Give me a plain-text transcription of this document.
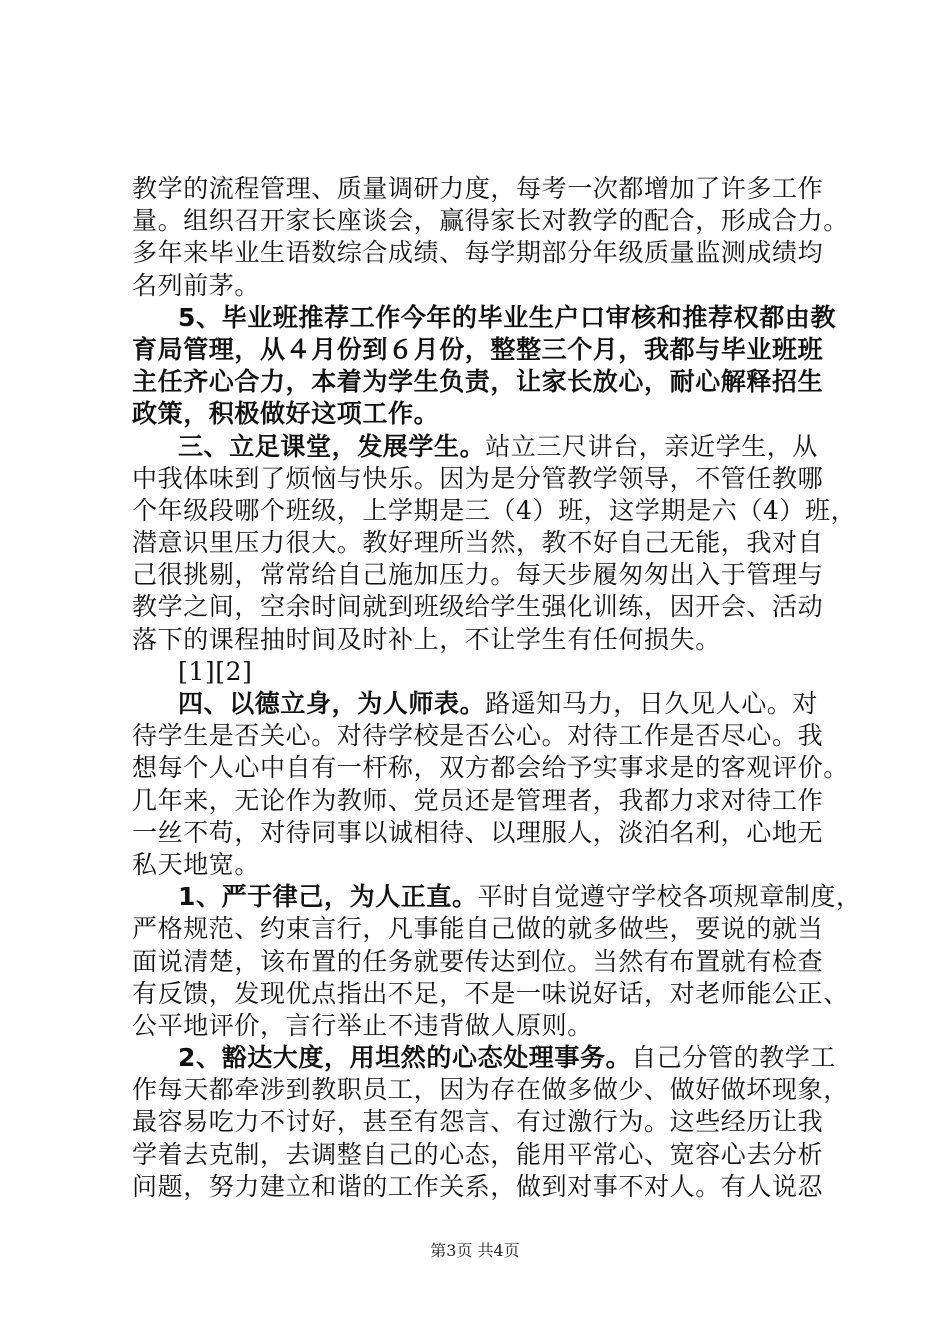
教学的流程管理、质量调研力度，每考一次都增加了许多工作
量。组织召开家长座谈会，赢得家长对教学的配合，形成合力。
多年来毕业生语数综合成绩、每学期部分年级质量监测成绩均
名列前茅。
5、毕业班推荐工作今年的毕业生户口审核和推荐权都由教
育局管理，从４月份到６月份，整整三个月，我都与毕业班班
主任齐心合力，本着为学生负责，让家长放心，耐心解释招生
政策，积极做好这项工作。
三、立足课堂，发展学生。站立三尺讲台，亲近学生，从
中我体味到了烦恼与快乐。因为是分管教学领导，不管任教哪
个年级段哪个班级，上学期是三（4）班，这学期是六（4）班，
潜意识里压力很大。教好理所当然，教不好自己无能，我对自
己很挑剔，常常给自己施加压力。每天步履匆匆出入于管理与
教学之间，空余时间就到班级给学生强化训练，因开会、活动
落下的课程抽时间及时补上，不让学生有任何损失。
[1][2]
四、以德立身，为人师表。路遥知马力，日久见人心。对
待学生是否关心。对待学校是否公心。对待工作是否尽心。我
想每个人心中自有一杆称，双方都会给予实事求是的客观评价。
几年来，无论作为教师、党员还是管理者，我都力求对待工作
一丝不苟，对待同事以诚相待、以理服人，淡泊名利，心地无
私天地宽。
1、严于律己，为人正直。平时自觉遵守学校各项规章制度，
严格规范、约束言行，凡事能自己做的就多做些，要说的就当
面说清楚，该布置的任务就要传达到位。当然有布置就有检查
有反馈，发现优点指出不足，不是一味说好话，对老师能公正、
公平地评价，言行举止不违背做人原则。
2、豁达大度，用坦然的心态处理事务。自己分管的教学工
作每天都牵涉到教职员工，因为存在做多做少、做好做坏现象，
最容易吃力不讨好，甚至有怨言、有过激行为。这些经历让我
学着去克制，去调整自己的心态，能用平常心、宽容心去分析
问题，努力建立和谐的工作关系，做到对事不对人。有人说忍
第3页 共4页
